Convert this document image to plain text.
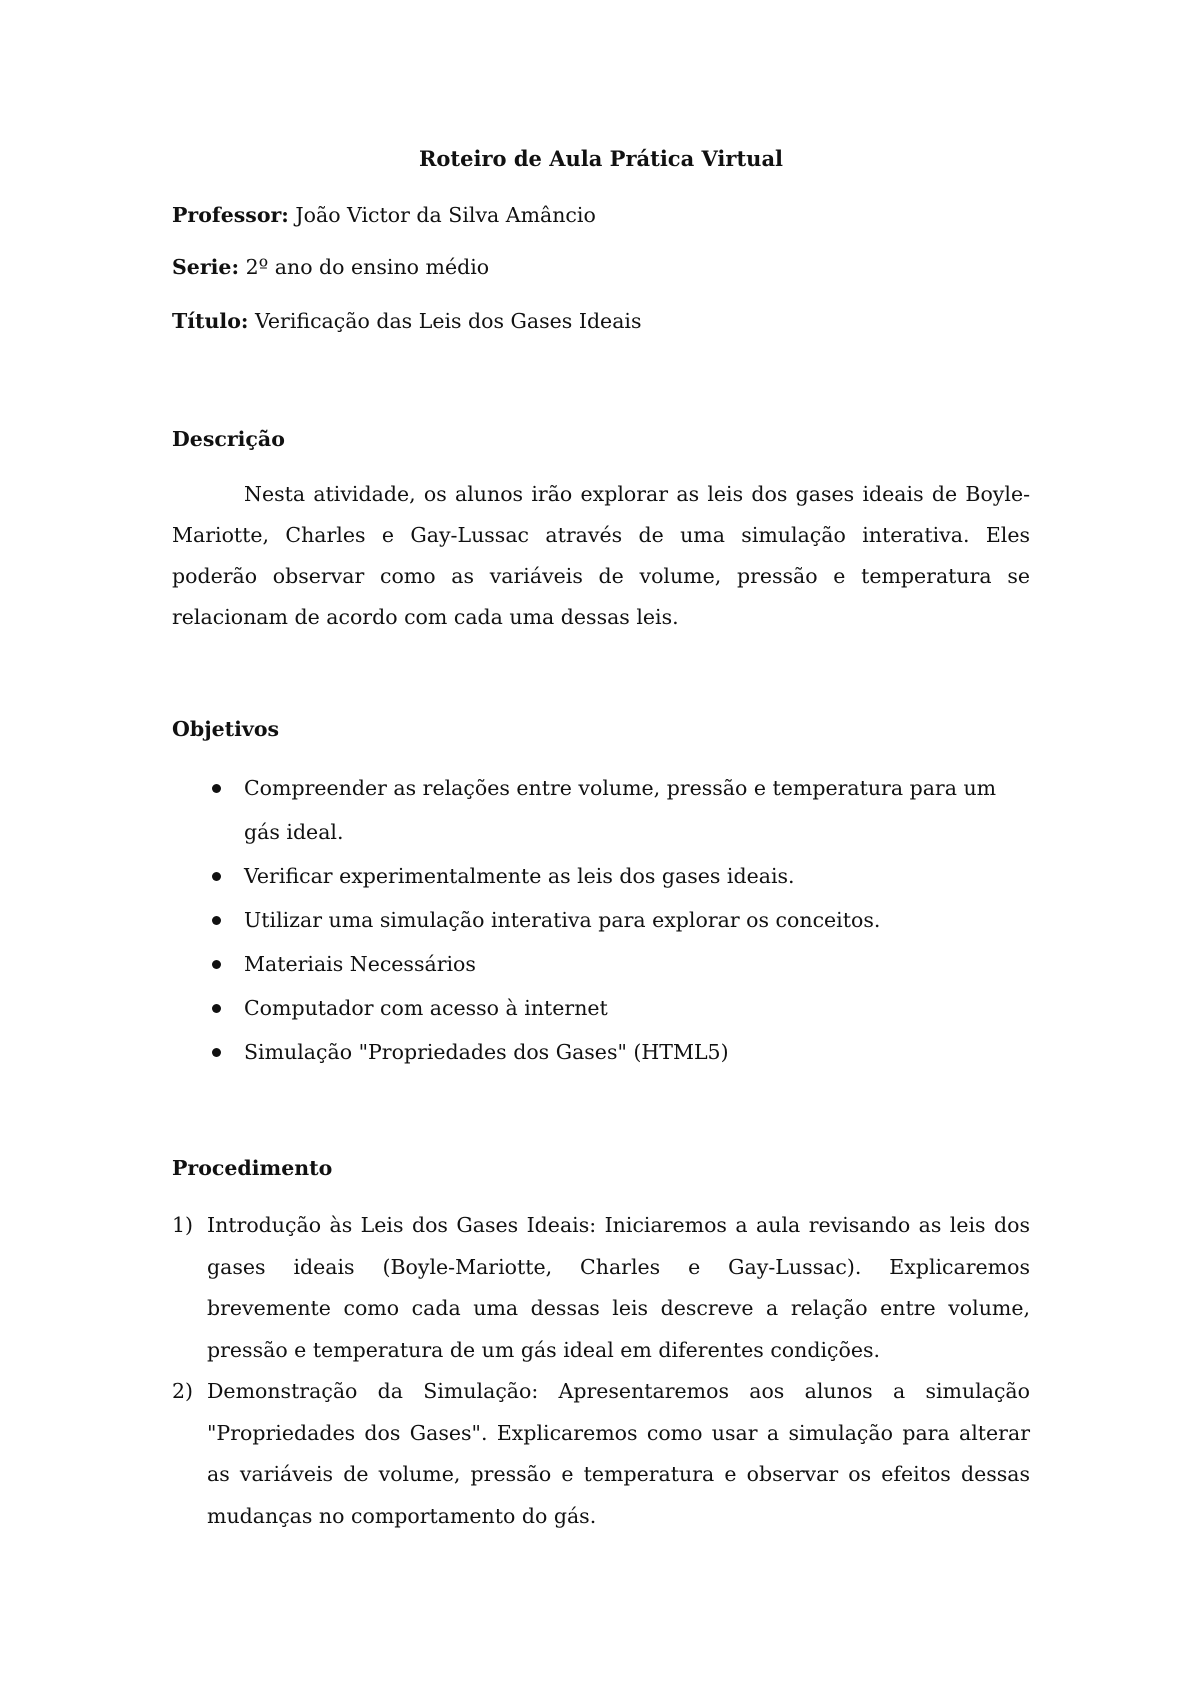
Roteiro de Aula Prática Virtual

Professor: João Victor da Silva Amâncio

Serie: 2º ano do ensino médio

Título: Verificação das Leis dos Gases Ideais

Descrição

Nesta atividade, os alunos irão explorar as leis dos gases ideais de Boyle-Mariotte, Charles e Gay-Lussac através de uma simulação interativa. Eles poderão observar como as variáveis de volume, pressão e temperatura se relacionam de acordo com cada uma dessas leis.

Objetivos

Compreender as relações entre volume, pressão e temperatura para um gás ideal.
Verificar experimentalmente as leis dos gases ideais.
Utilizar uma simulação interativa para explorar os conceitos.
Materiais Necessários
Computador com acesso à internet
Simulação "Propriedades dos Gases" (HTML5)

Procedimento

1) Introdução às Leis dos Gases Ideais: Iniciaremos a aula revisando as leis dos gases ideais (Boyle-Mariotte, Charles e Gay-Lussac). Explicaremos brevemente como cada uma dessas leis descreve a relação entre volume, pressão e temperatura de um gás ideal em diferentes condições.
2) Demonstração da Simulação: Apresentaremos aos alunos a simulação "Propriedades dos Gases". Explicaremos como usar a simulação para alterar as variáveis de volume, pressão e temperatura e observar os efeitos dessas mudanças no comportamento do gás.
